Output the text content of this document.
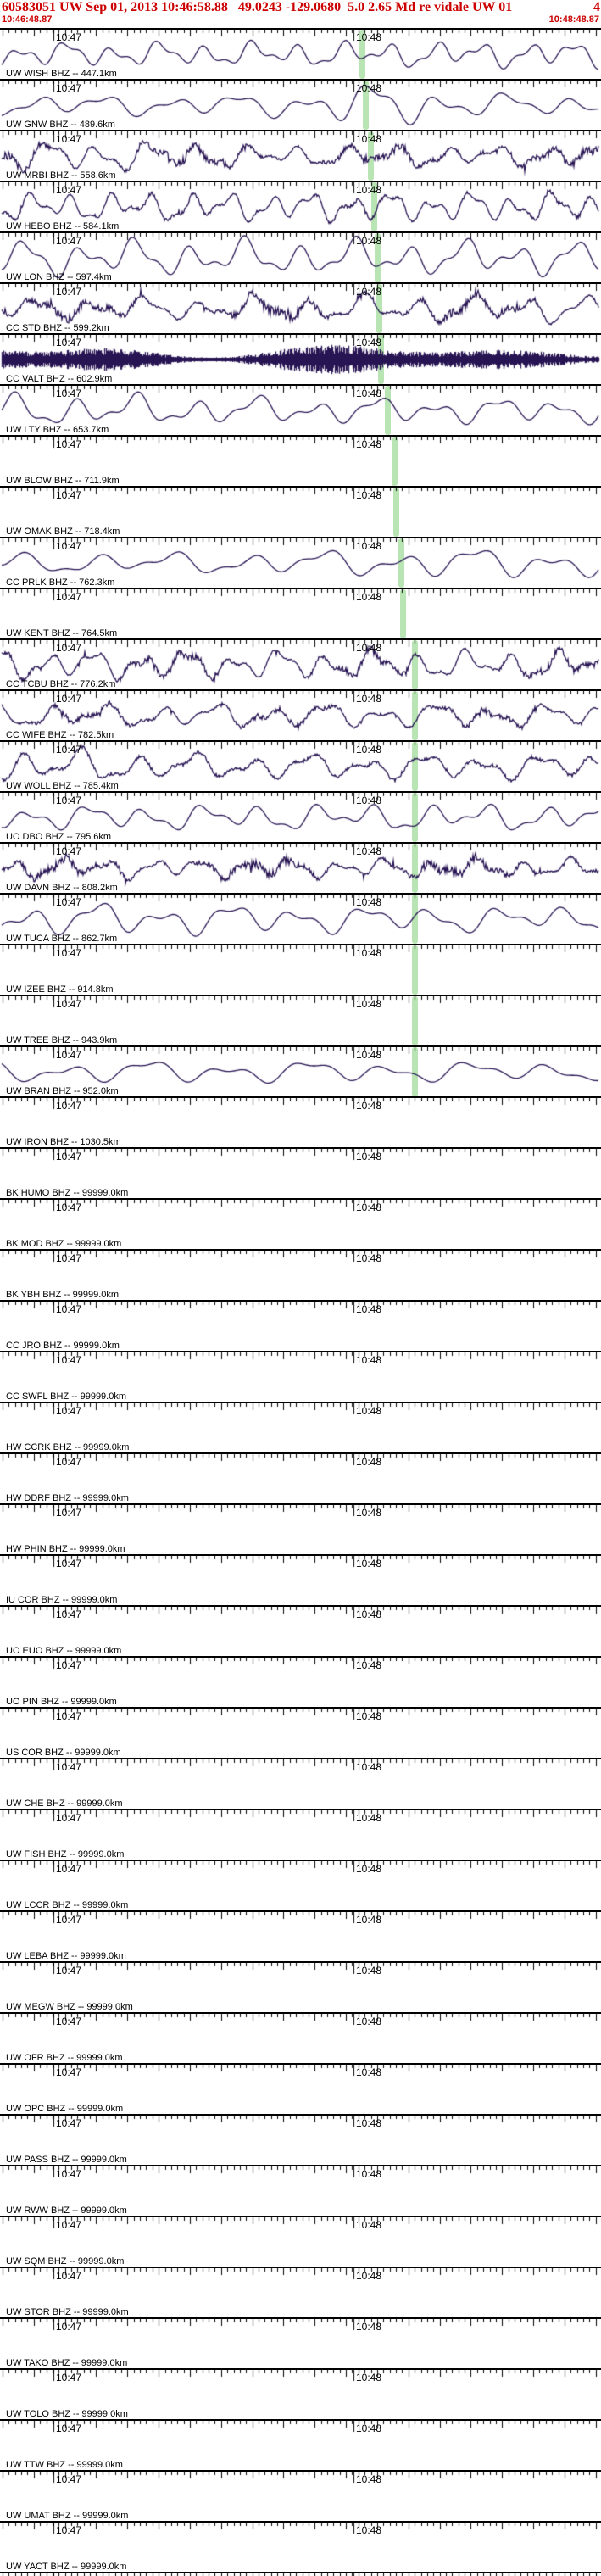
60583051 UW Sep 01, 2013 10:46:58.88   49.0243 -129.0680  5.0 2.65 Md re vidale UW 01	4
10:46:48.87	10:48:48.87
10:47	10:48
UW WISH BHZ -- 447.1km
10:47	10:48
UW GNW BHZ -- 489.6km
10:47	10:48
UW MRBI BHZ -- 558.6km
10:47	10:48
UW HEBO BHZ -- 584.1km
10:47	10:48
UW LON BHZ -- 597.4km
10:47	10:48
CC STD BHZ -- 599.2km
10:47	10:48
CC VALT BHZ -- 602.9km
10:47	10:48
UW LTY BHZ -- 653.7km
10:47	10:48
UW BLOW BHZ -- 711.9km
10:47	10:48
UW OMAK BHZ -- 718.4km
10:47	10:48
CC PRLK BHZ -- 762.3km
10:47	10:48
UW KENT BHZ -- 764.5km
10:47	10:48
CC TCBU BHZ -- 776.2km
10:47	10:48
CC WIFE BHZ -- 782.5km
10:47	10:48
UW WOLL BHZ -- 785.4km
10:47	10:48
UO DBO BHZ -- 795.6km
10:47	10:48
UW DAVN BHZ -- 808.2km
10:47	10:48
UW TUCA BHZ -- 862.7km
10:47	10:48
UW IZEE BHZ -- 914.8km
10:47	10:48
UW TREE BHZ -- 943.9km
10:47	10:48
UW BRAN BHZ -- 952.0km
10:47	10:48
UW IRON BHZ -- 1030.5km
10:47	10:48
BK HUMO BHZ -- 99999.0km
10:47	10:48
BK MOD BHZ -- 99999.0km
10:47	10:48
BK YBH BHZ -- 99999.0km
10:47	10:48
CC JRO BHZ -- 99999.0km
10:47	10:48
CC SWFL BHZ -- 99999.0km
10:47	10:48
HW CCRK BHZ -- 99999.0km
10:47	10:48
HW DDRF BHZ -- 99999.0km
10:47	10:48
HW PHIN BHZ -- 99999.0km
10:47	10:48
IU COR BHZ -- 99999.0km
10:47	10:48
UO EUO BHZ -- 99999.0km
10:47	10:48
UO PIN BHZ -- 99999.0km
10:47	10:48
US COR BHZ -- 99999.0km
10:47	10:48
UW CHE BHZ -- 99999.0km
10:47	10:48
UW FISH BHZ -- 99999.0km
10:47	10:48
UW LCCR BHZ -- 99999.0km
10:47	10:48
UW LEBA BHZ -- 99999.0km
10:47	10:48
UW MEGW BHZ -- 99999.0km
10:47	10:48
UW OFR BHZ -- 99999.0km
10:47	10:48
UW OPC BHZ -- 99999.0km
10:47	10:48
UW PASS BHZ -- 99999.0km
10:47	10:48
UW RWW BHZ -- 99999.0km
10:47	10:48
UW SQM BHZ -- 99999.0km
10:47	10:48
UW STOR BHZ -- 99999.0km
10:47	10:48
UW TAKO BHZ -- 99999.0km
10:47	10:48
UW TOLO BHZ -- 99999.0km
10:47	10:48
UW TTW BHZ -- 99999.0km
10:47	10:48
UW UMAT BHZ -- 99999.0km
10:47	10:48
UW YACT BHZ -- 99999.0km
